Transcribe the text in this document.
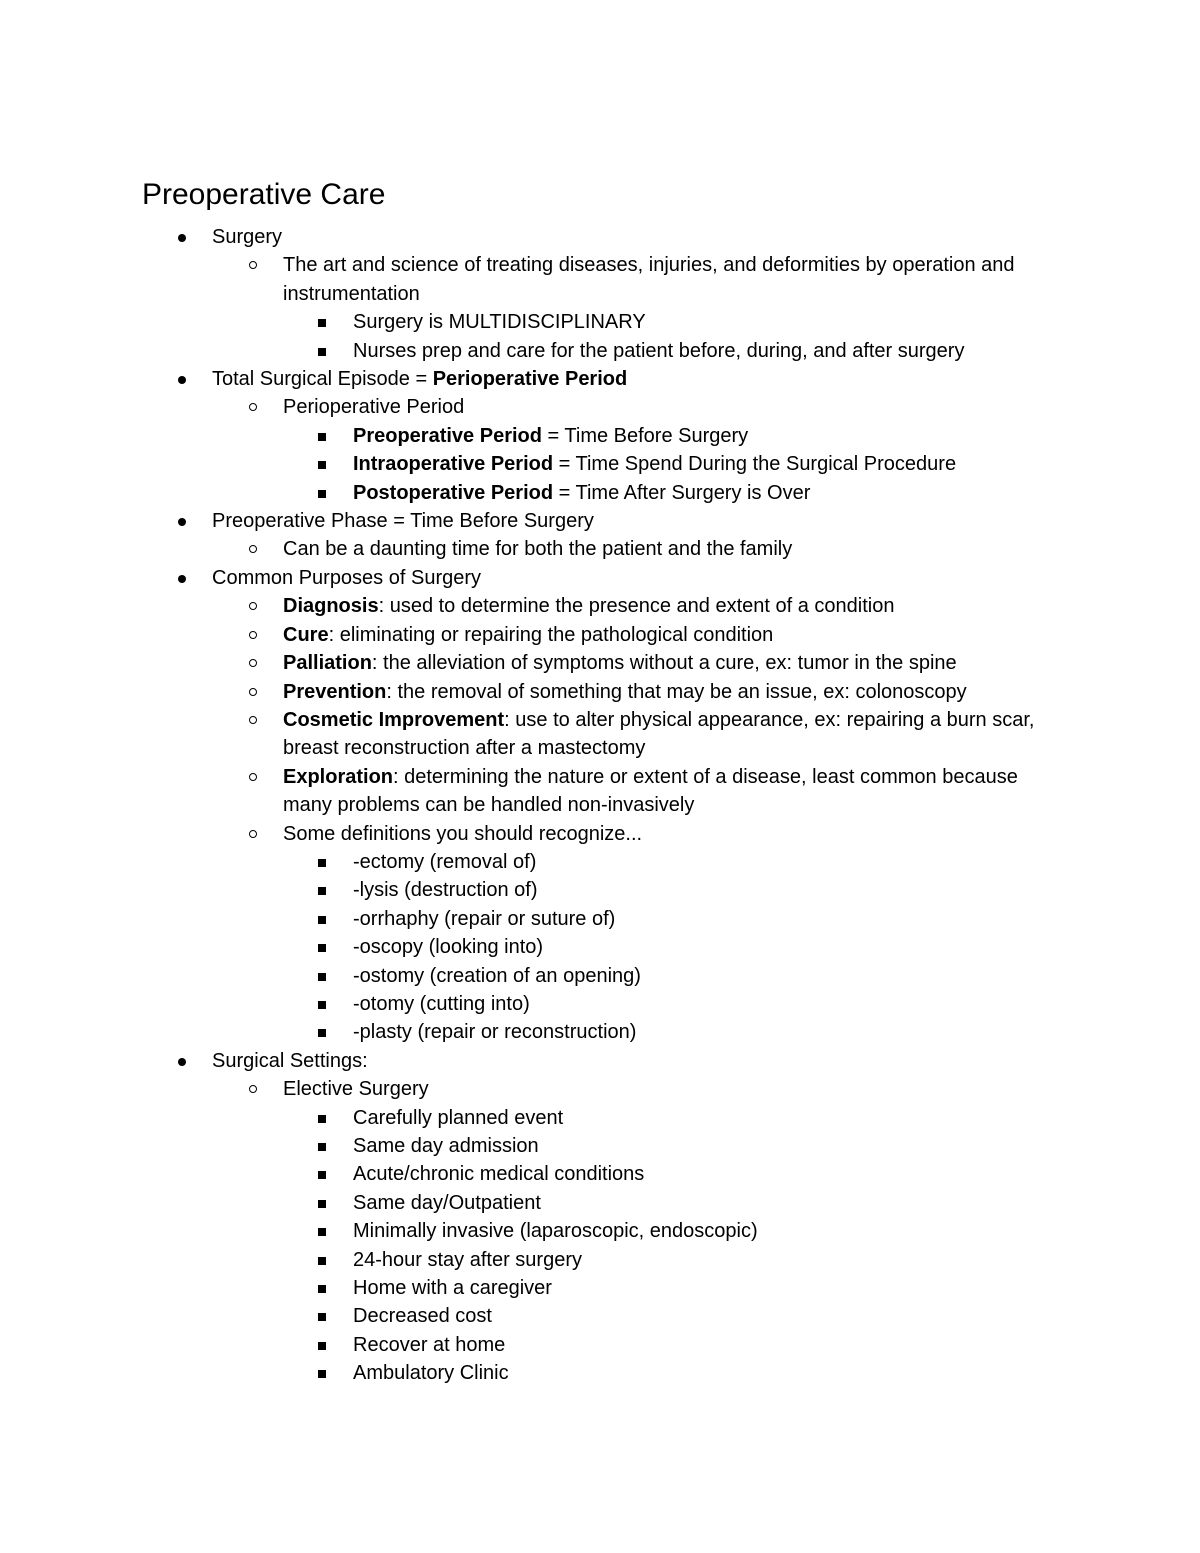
Preoperative Care
Surgery
The art and science of treating diseases, injuries, and deformities by operation and instrumentation
Surgery is MULTIDISCIPLINARY
Nurses prep and care for the patient before, during, and after surgery
Total Surgical Episode = Perioperative Period
Perioperative Period
Preoperative Period = Time Before Surgery
Intraoperative Period = Time Spend During the Surgical Procedure
Postoperative Period = Time After Surgery is Over
Preoperative Phase = Time Before Surgery
Can be a daunting time for both the patient and the family
Common Purposes of Surgery
Diagnosis: used to determine the presence and extent of a condition
Cure: eliminating or repairing the pathological condition
Palliation: the alleviation of symptoms without a cure, ex: tumor in the spine
Prevention: the removal of something that may be an issue, ex: colonoscopy
Cosmetic Improvement: use to alter physical appearance, ex: repairing a burn scar, breast reconstruction after a mastectomy
Exploration: determining the nature or extent of a disease, least common because many problems can be handled non-invasively
Some definitions you should recognize...
-ectomy (removal of)
-lysis (destruction of)
-orrhaphy (repair or suture of)
-oscopy (looking into)
-ostomy (creation of an opening)
-otomy (cutting into)
-plasty (repair or reconstruction)
Surgical Settings:
Elective Surgery
Carefully planned event
Same day admission
Acute/chronic medical conditions
Same day/Outpatient
Minimally invasive (laparoscopic, endoscopic)
24-hour stay after surgery
Home with a caregiver
Decreased cost
Recover at home
Ambulatory Clinic
